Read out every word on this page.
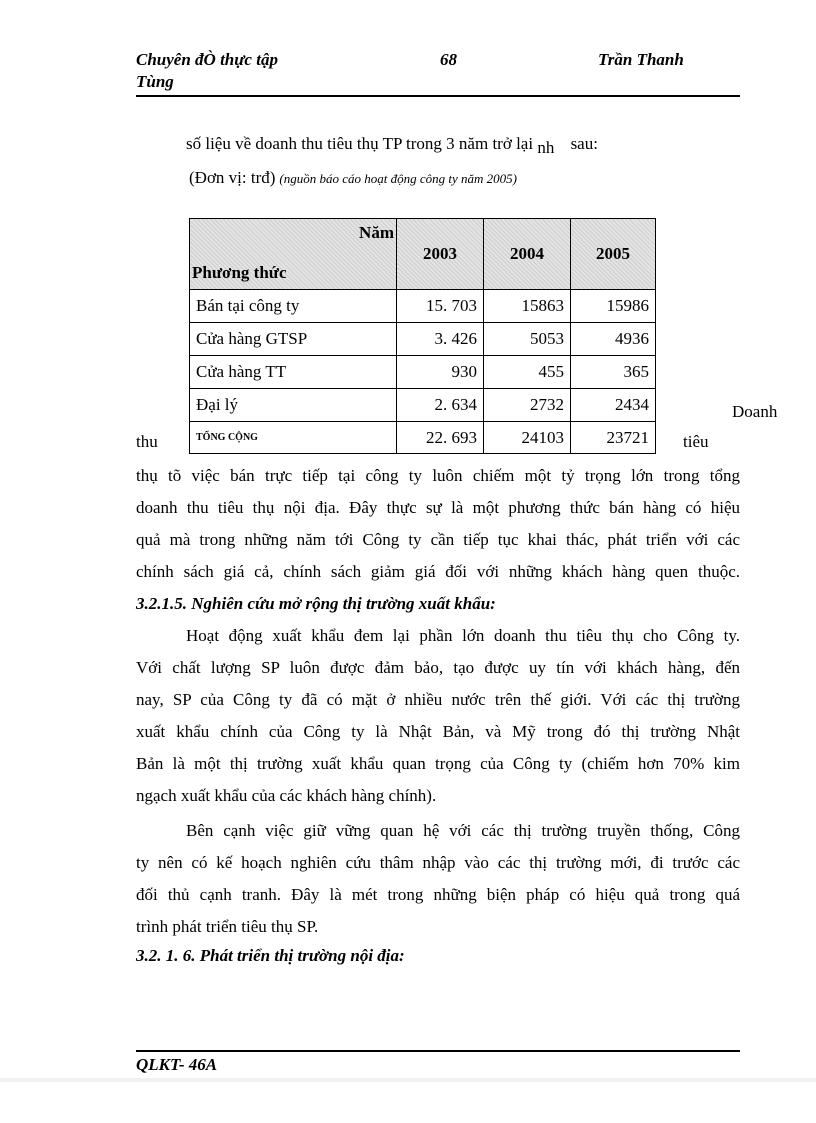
Chuyên đÒ thực tập
Tùng
68	Trần Thanh
số liệu về doanh thu tiêu thụ TP trong 3 năm trở lại nh sau:
(Đơn vị: trđ) (nguồn báo cáo hoạt động công ty năm 2005)
Năm
Phương thức	2003	2004	2005
Bán tại công ty	15. 703	15863	15986
Cửa hàng GTSP	3. 426	5053	4936
Cửa hàng TT	930	455	365
Đại lý	2. 634	2732	2434
TỔNG CỘNG	22. 693	24103	23721
Doanh
thu	tiêu
thụ tõ việc bán trực tiếp tại công ty luôn chiếm một tỷ trọng lớn trong tổng
doanh thu tiêu thụ nội địa. Đây thực sự là một phương thức bán hàng có hiệu
quả mà trong những năm tới Công ty cần tiếp tục khai thác, phát triển với các
chính sách giá cả, chính sách giảm giá đối với những khách hàng quen thuộc.
3.2.1.5. Nghiên cứu mở rộng thị trường xuất khẩu:
Hoạt động xuất khẩu đem lại phần lớn doanh thu tiêu thụ cho Công ty.
Với chất lượng SP luôn được đảm bảo, tạo được uy tín với khách hàng, đến
nay, SP của Công ty đã có mặt ở nhiều nước trên thế giới. Với các thị trường
xuất khẩu chính của Công ty là Nhật Bản, và Mỹ trong đó thị trường Nhật
Bản là một thị trường xuất khẩu quan trọng của Công ty (chiếm hơn 70% kim
ngạch xuất khẩu của các khách hàng chính).
Bên cạnh việc giữ vững quan hệ với các thị trường truyền thống, Công
ty nên có kế hoạch nghiên cứu thâm nhập vào các thị trường mới, đi trước các
đối thủ cạnh tranh. Đây là mét trong những biện pháp có hiệu quả trong quá
trình phát triển tiêu thụ SP.
3.2. 1. 6. Phát triển thị trường nội địa:
QLKT- 46A
